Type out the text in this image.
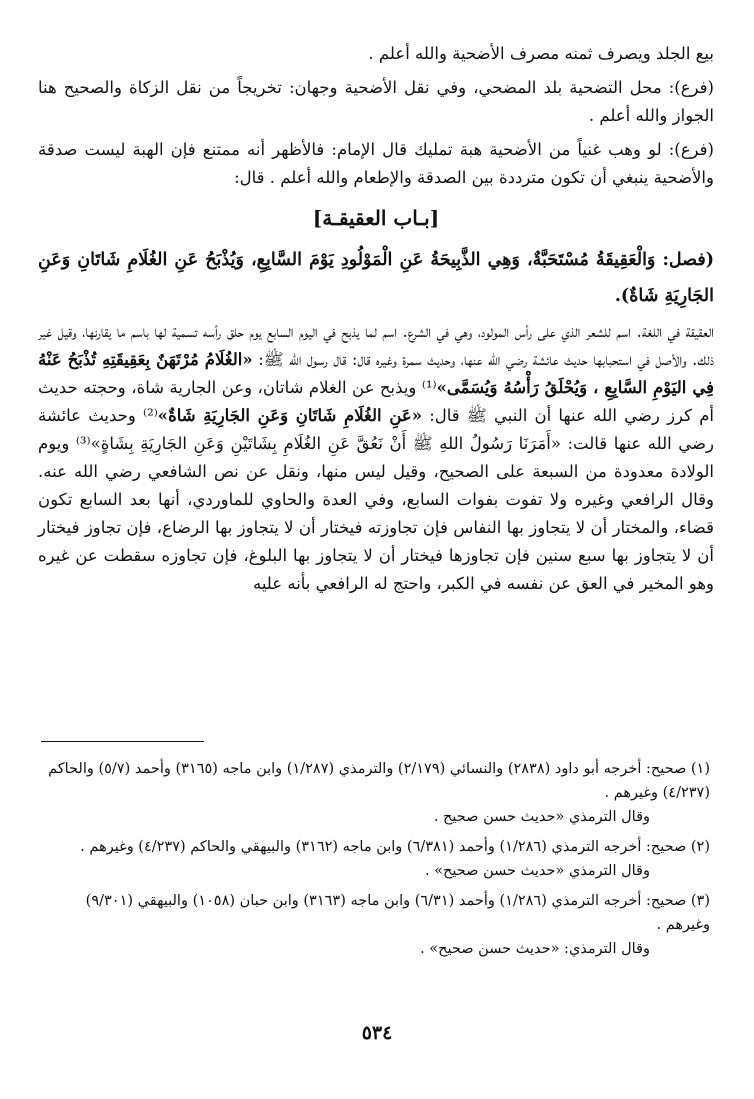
بيع الجلد ويصرف ثمنه مصرف الأضحية والله أعلم .

(فرع): محل التضحية بلد المضحي، وفي نقل الأضحية وجهان: تخريجاً من نقل الزكاة والصحيح هنا الجواز والله أعلم .

(فرع): لو وهب غنياً من الأضحية هبة تمليك قال الإمام: فالأظهر أنه ممتنع فإن الهبة ليست صدقة والأضحية ينبغي أن تكون مترددة بين الصدقة والإطعام والله أعلم . قال:

[بـاب العقيقـة]

(فصل: وَالْعَقِيقَةُ مُسْتَحَبَّةٌ، وَهِي الذَّبِيحَةُ عَنِ الْمَوْلُودِ يَوْمَ السَّابِعِ، وَيُذْبَحُ عَنِ الغُلَامِ شَاتَانِ وَعَنِ الجَارِيَةِ شَاةٌ).

العقيقة في اللغة. اسم للشعر الذي على رأس المولود، وهي في الشرع. اسم لما يذبح في اليوم السابع يوم حلق رأسه تسمية لها باسم ما يقارنها، وقيل غير ذلك. والأصل في استحبابها حديث عائشة رضي الله عنها، وحديث سمرة وغيره قال: قال رسول الله ﷺ: «الغُلَامُ مُرْتَهَنٌ بِعَقِيقَتِهِ تُذْبَحُ عَنْهُ فِي اليَوْمِ السَّابِعِ ، وَيُحْلَقُ رَأْسُهُ وَيُسَمَّى»⁽¹⁾ ويذبح عن الغلام شاتان، وعن الجارية شاة، وحجته حديث أم كرز رضي الله عنها أن النبي ﷺ قال: «عَنِ الغُلَامِ شَاتَانِ وَعَنِ الجَارِيَةِ شَاةٌ»⁽²⁾ وحديث عائشة رضي الله عنها قالت: «أَمَرَنَا رَسُولُ اللهِ ﷺ أَنْ نَعُقَّ عَنِ الغُلَامِ بِشَاتَيْنِ وَعَنِ الجَارِيَةِ بِشَاةٍ»⁽³⁾ ويوم الولادة معدودة من السبعة على الصحيح، وقيل ليس منها، ونقل عن نص الشافعي رضي الله عنه. وقال الرافعي وغيره ولا تفوت بفوات السابع، وفي العدة والحاوي للماوردي، أنها بعد السابع تكون قضاء، والمختار أن لا يتجاوز بها النفاس فإن تجاوزته فيختار أن لا يتجاوز بها الرضاع، فإن تجاوز فيختار أن لا يتجاوز بها سبع سنين فإن تجاوزها فيختار أن لا يتجاوز بها البلوغ، فإن تجاوزه سقطت عن غيره وهو المخير في العق عن نفسه في الكبر، واحتج له الرافعي بأنه عليه

(١) صحيح: أخرجه أبو داود (٢٨٣٨) والنسائي (٢/١٧٩) والترمذي (١/٢٨٧) وابن ماجه (٣١٦٥) وأحمد (٥/٧) والحاكم (٤/٢٣٧) وغيرهم .

وقال الترمذي «حديث حسن صحيح .

(٢) صحيح: أخرجه الترمذي (١/٢٨٦) وأحمد (٦/٣٨١) وابن ماجه (٣١٦٢) والبيهقي والحاكم (٤/٢٣٧) وغيرهم .

وقال الترمذي «حديث حسن صحيح» .

(٣) صحيح: أخرجه الترمذي (١/٢٨٦) وأحمد (٦/٣١) وابن ماجه (٣١٦٣) وابن حبان (١٠٥٨) والبيهقي (٩/٣٠١) وغيرهم .

وقال الترمذي: «حديث حسن صحيح» .

٥٣٤
